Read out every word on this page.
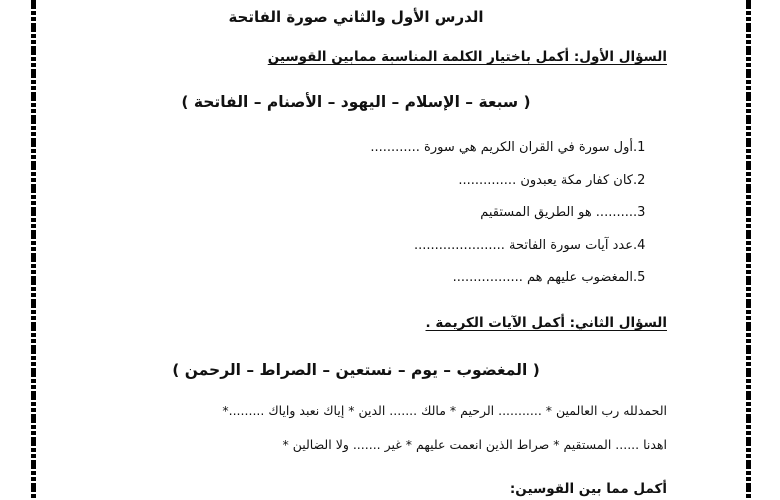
الدرس الأول والثاني صورة الفاتحة
السؤال الأول: أكمل باختيار الكلمة المناسبة ممابين القوسين
( سبعة – الإسلام – اليهود – الأصنام – الفاتحة )
1.
أول سورة في القران الكريم هي سورة ............
2.
كان كفار مكة يعبدون ..............
3.
......... هو الطريق المستقيم
4.
عدد آيات سورة الفاتحة ......................
5.
المغضوب عليهم هم .................
السؤال الثاني: أكمل الآيات الكريمة .
( المغضوب – يوم – نستعين – الصراط – الرحمن )
الحمدلله رب العالمين * ........... الرحيم * مالك ....... الدين * إياك نعبد واياك .........*
اهدنا ...... المستقيم * صراط الذين انعمت عليهم * غير ....... ولا الضالين *
أكمل مما بين القوسين:
